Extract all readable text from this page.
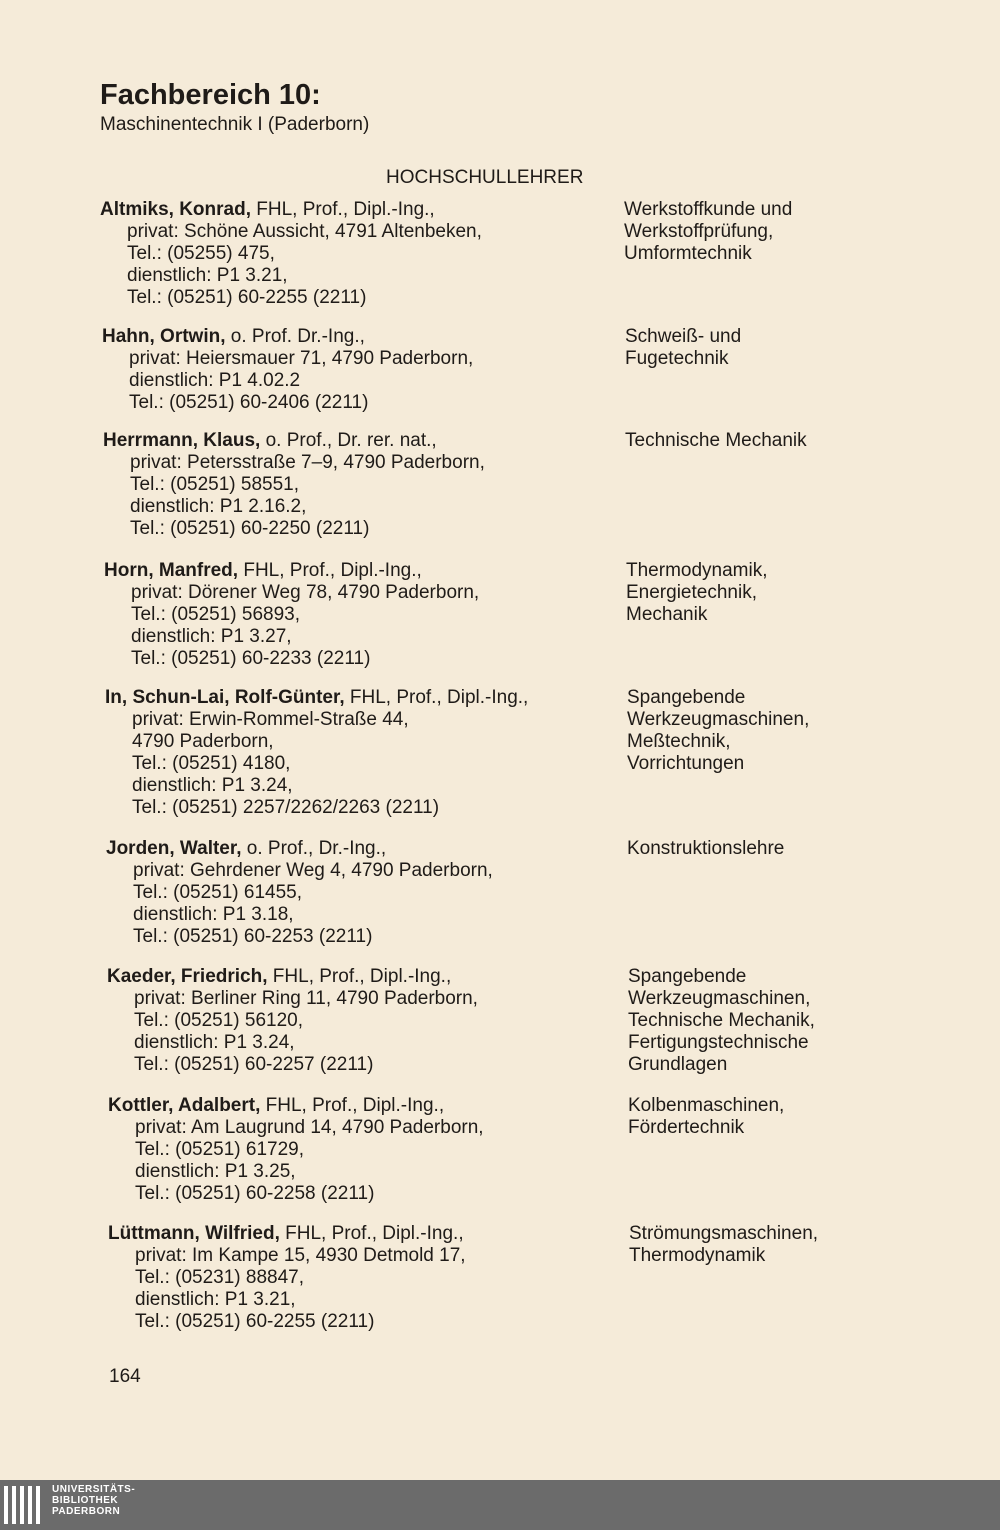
Fachbereich 10:
Maschinentechnik I (Paderborn)
HOCHSCHULLEHRER
Altmiks, Konrad, FHL, Prof., Dipl.-Ing.,
privat: Schöne Aussicht, 4791 Altenbeken,
Tel.: (05255) 475,
dienstlich: P1 3.21,
Tel.: (05251) 60-2255 (2211)
Werkstoffkunde und
Werkstoffprüfung,
Umformtechnik
Hahn, Ortwin, o. Prof. Dr.-Ing.,
privat: Heiersmauer 71, 4790 Paderborn,
dienstlich: P1 4.02.2
Tel.: (05251) 60-2406 (2211)
Schweiß- und
Fugetechnik
Herrmann, Klaus, o. Prof., Dr. rer. nat.,
privat: Petersstraße 7–9, 4790 Paderborn,
Tel.: (05251) 58551,
dienstlich: P1 2.16.2,
Tel.: (05251) 60-2250 (2211)
Technische Mechanik
Horn, Manfred, FHL, Prof., Dipl.-Ing.,
privat: Dörener Weg 78, 4790 Paderborn,
Tel.: (05251) 56893,
dienstlich: P1 3.27,
Tel.: (05251) 60-2233 (2211)
Thermodynamik,
Energietechnik,
Mechanik
In, Schun-Lai, Rolf-Günter, FHL, Prof., Dipl.-Ing.,
privat: Erwin-Rommel-Straße 44,
4790 Paderborn,
Tel.: (05251) 4180,
dienstlich: P1 3.24,
Tel.: (05251) 2257/2262/2263 (2211)
Spangebende
Werkzeugmaschinen,
Meßtechnik,
Vorrichtungen
Jorden, Walter, o. Prof., Dr.-Ing.,
privat: Gehrdener Weg 4, 4790 Paderborn,
Tel.: (05251) 61455,
dienstlich: P1 3.18,
Tel.: (05251) 60-2253 (2211)
Konstruktionslehre
Kaeder, Friedrich, FHL, Prof., Dipl.-Ing.,
privat: Berliner Ring 11, 4790 Paderborn,
Tel.: (05251) 56120,
dienstlich: P1 3.24,
Tel.: (05251) 60-2257 (2211)
Spangebende
Werkzeugmaschinen,
Technische Mechanik,
Fertigungstechnische
Grundlagen
Kottler, Adalbert, FHL, Prof., Dipl.-Ing.,
privat: Am Laugrund 14, 4790 Paderborn,
Tel.: (05251) 61729,
dienstlich: P1 3.25,
Tel.: (05251) 60-2258 (2211)
Kolbenmaschinen,
Fördertechnik
Lüttmann, Wilfried, FHL, Prof., Dipl.-Ing.,
privat: Im Kampe 15, 4930 Detmold 17,
Tel.: (05231) 88847,
dienstlich: P1 3.21,
Tel.: (05251) 60-2255 (2211)
Strömungsmaschinen,
Thermodynamik
164
UNIVERSITÄTS-
BIBLIOTHEK
PADERBORN
